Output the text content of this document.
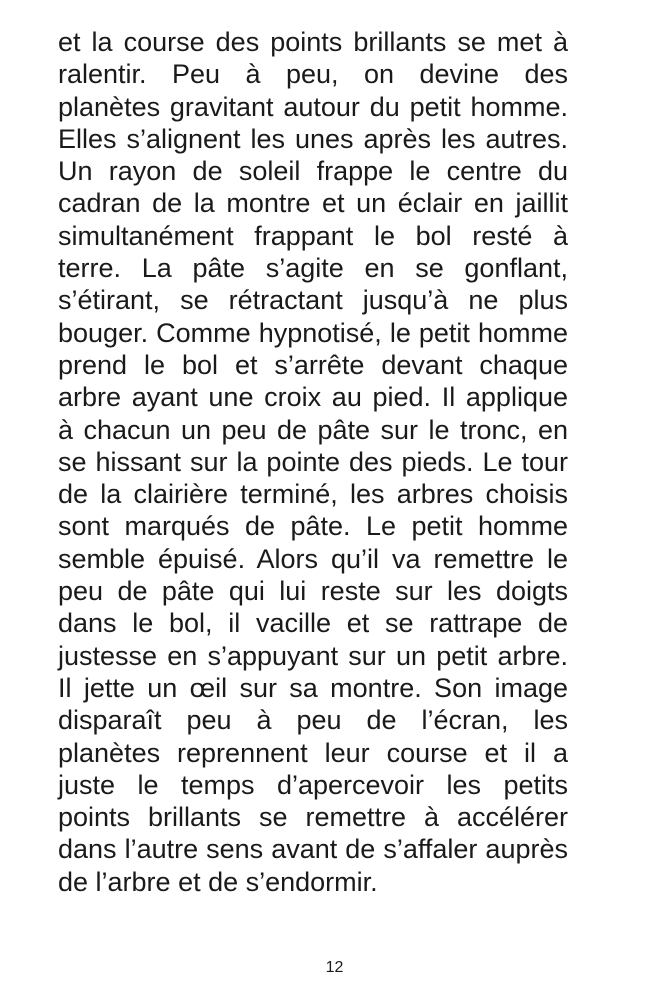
et la course des points brillants se met à ralentir. Peu à peu, on devine des planètes gravitant autour du petit homme. Elles s’alignent les unes après les autres. Un rayon de soleil frappe le centre du cadran de la montre et un éclair en jaillit simultanément frappant le bol resté à terre. La pâte s’agite en se gonflant, s’étirant, se rétractant jusqu’à ne plus bouger. Comme hypnotisé, le petit homme prend le bol et s’arrête devant chaque arbre ayant une croix au pied. Il applique à chacun un peu de pâte sur le tronc, en se hissant sur la pointe des pieds. Le tour de la clairière terminé, les arbres choisis sont marqués de pâte. Le petit homme semble épuisé. Alors qu’il va remettre le peu de pâte qui lui reste sur les doigts dans le bol, il vacille et se rattrape de justesse en s’appuyant sur un petit arbre. Il jette un œil sur sa montre. Son image disparaît peu à peu de l’écran, les planètes reprennent leur course et il a juste le temps d’apercevoir les petits points brillants se remettre à accélérer dans l’autre sens avant de s’affaler auprès de l’arbre et de s’endormir.

12
